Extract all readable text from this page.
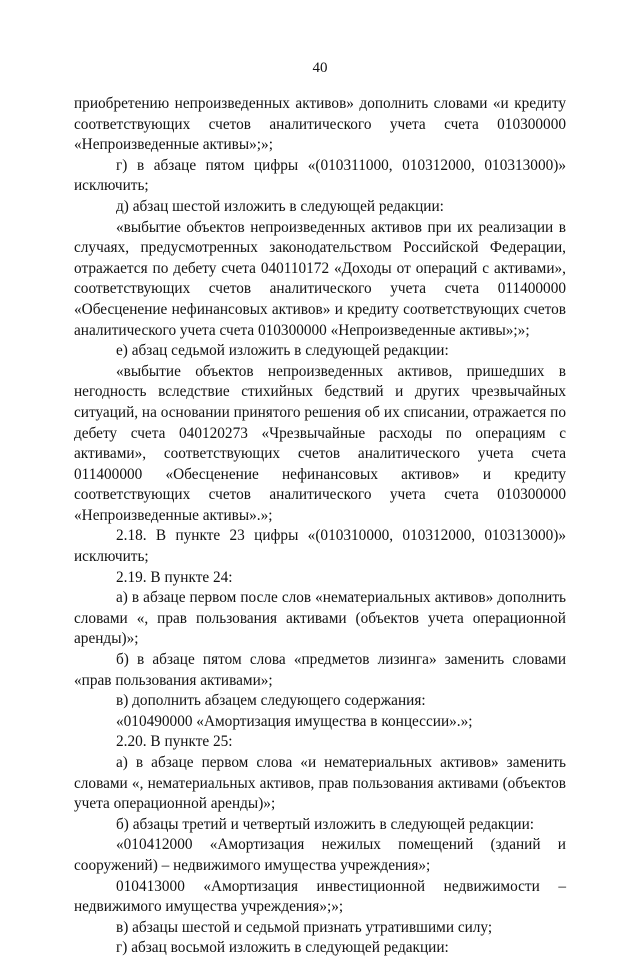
40

приобретению непроизведенных активов» дополнить словами «и кредиту соответствующих счетов аналитического учета счета 010300000 «Непроизведенные активы»;»;

г) в абзаце пятом цифры «(010311000, 010312000, 010313000)» исключить;

д) абзац шестой изложить в следующей редакции:

«выбытие объектов непроизведенных активов при их реализации в случаях, предусмотренных законодательством Российской Федерации, отражается по дебету счета 040110172 «Доходы от операций с активами», соответствующих счетов аналитического учета счета 011400000 «Обесценение нефинансовых активов» и кредиту соответствующих счетов аналитического учета счета 010300000 «Непроизведенные активы»;»;

е) абзац седьмой изложить в следующей редакции:

«выбытие объектов непроизведенных активов, пришедших в негодность вследствие стихийных бедствий и других чрезвычайных ситуаций, на основании принятого решения об их списании, отражается по дебету счета 040120273 «Чрезвычайные расходы по операциям с активами», соответствующих счетов аналитического учета счета 011400000 «Обесценение нефинансовых активов» и кредиту соответствующих счетов аналитического учета счета 010300000 «Непроизведенные активы».»;

2.18. В пункте 23 цифры «(010310000, 010312000, 010313000)» исключить;

2.19. В пункте 24:

а) в абзаце первом после слов «нематериальных активов» дополнить словами «, прав пользования активами (объектов учета операционной аренды)»;

б) в абзаце пятом слова «предметов лизинга» заменить словами «прав пользования активами»;

в) дополнить абзацем следующего содержания:

«010490000 «Амортизация имущества в концессии».»;

2.20. В пункте 25:

а) в абзаце первом слова «и нематериальных активов» заменить словами «, нематериальных активов, прав пользования активами (объектов учета операционной аренды)»;

б) абзацы третий и четвертый изложить в следующей редакции:

«010412000 «Амортизация нежилых помещений (зданий и сооружений) – недвижимого имущества учреждения»;

010413000 «Амортизация инвестиционной недвижимости – недвижимого имущества учреждения»;»;

в) абзацы шестой и седьмой признать утратившими силу;

г) абзац восьмой изложить в следующей редакции:
